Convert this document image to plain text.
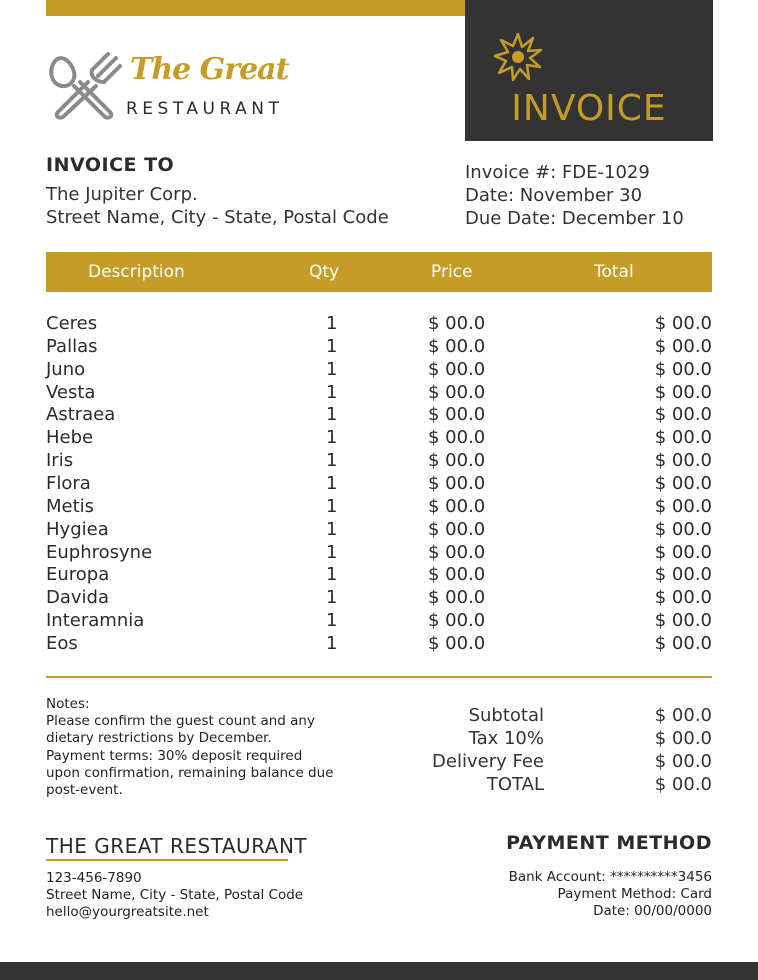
INVOICE
The Great
RESTAURANT
INVOICE TO
The Jupiter Corp.
Street Name, City - State, Postal Code
Invoice #: FDE-1029
Date: November 30
Due Date: December 10
Description	Qty	Price	Total
Ceres	1	$ 00.0	$ 00.0
Pallas	1	$ 00.0	$ 00.0
Juno	1	$ 00.0	$ 00.0
Vesta	1	$ 00.0	$ 00.0
Astraea	1	$ 00.0	$ 00.0
Hebe	1	$ 00.0	$ 00.0
Iris	1	$ 00.0	$ 00.0
Flora	1	$ 00.0	$ 00.0
Metis	1	$ 00.0	$ 00.0
Hygiea	1	$ 00.0	$ 00.0
Euphrosyne	1	$ 00.0	$ 00.0
Europa	1	$ 00.0	$ 00.0
Davida	1	$ 00.0	$ 00.0
Interamnia	1	$ 00.0	$ 00.0
Eos	1	$ 00.0	$ 00.0
Notes:
Please confirm the guest count and any dietary restrictions by December.
Payment terms: 30% deposit required upon confirmation, remaining balance due post-event.
Subtotal	$ 00.0
Tax 10%	$ 00.0
Delivery Fee	$ 00.0
TOTAL	$ 00.0
THE GREAT RESTAURANT
123-456-7890
Street Name, City - State, Postal Code
hello@yourgreatsite.net
PAYMENT METHOD
Bank Account: **********3456
Payment Method: Card
Date: 00/00/0000
